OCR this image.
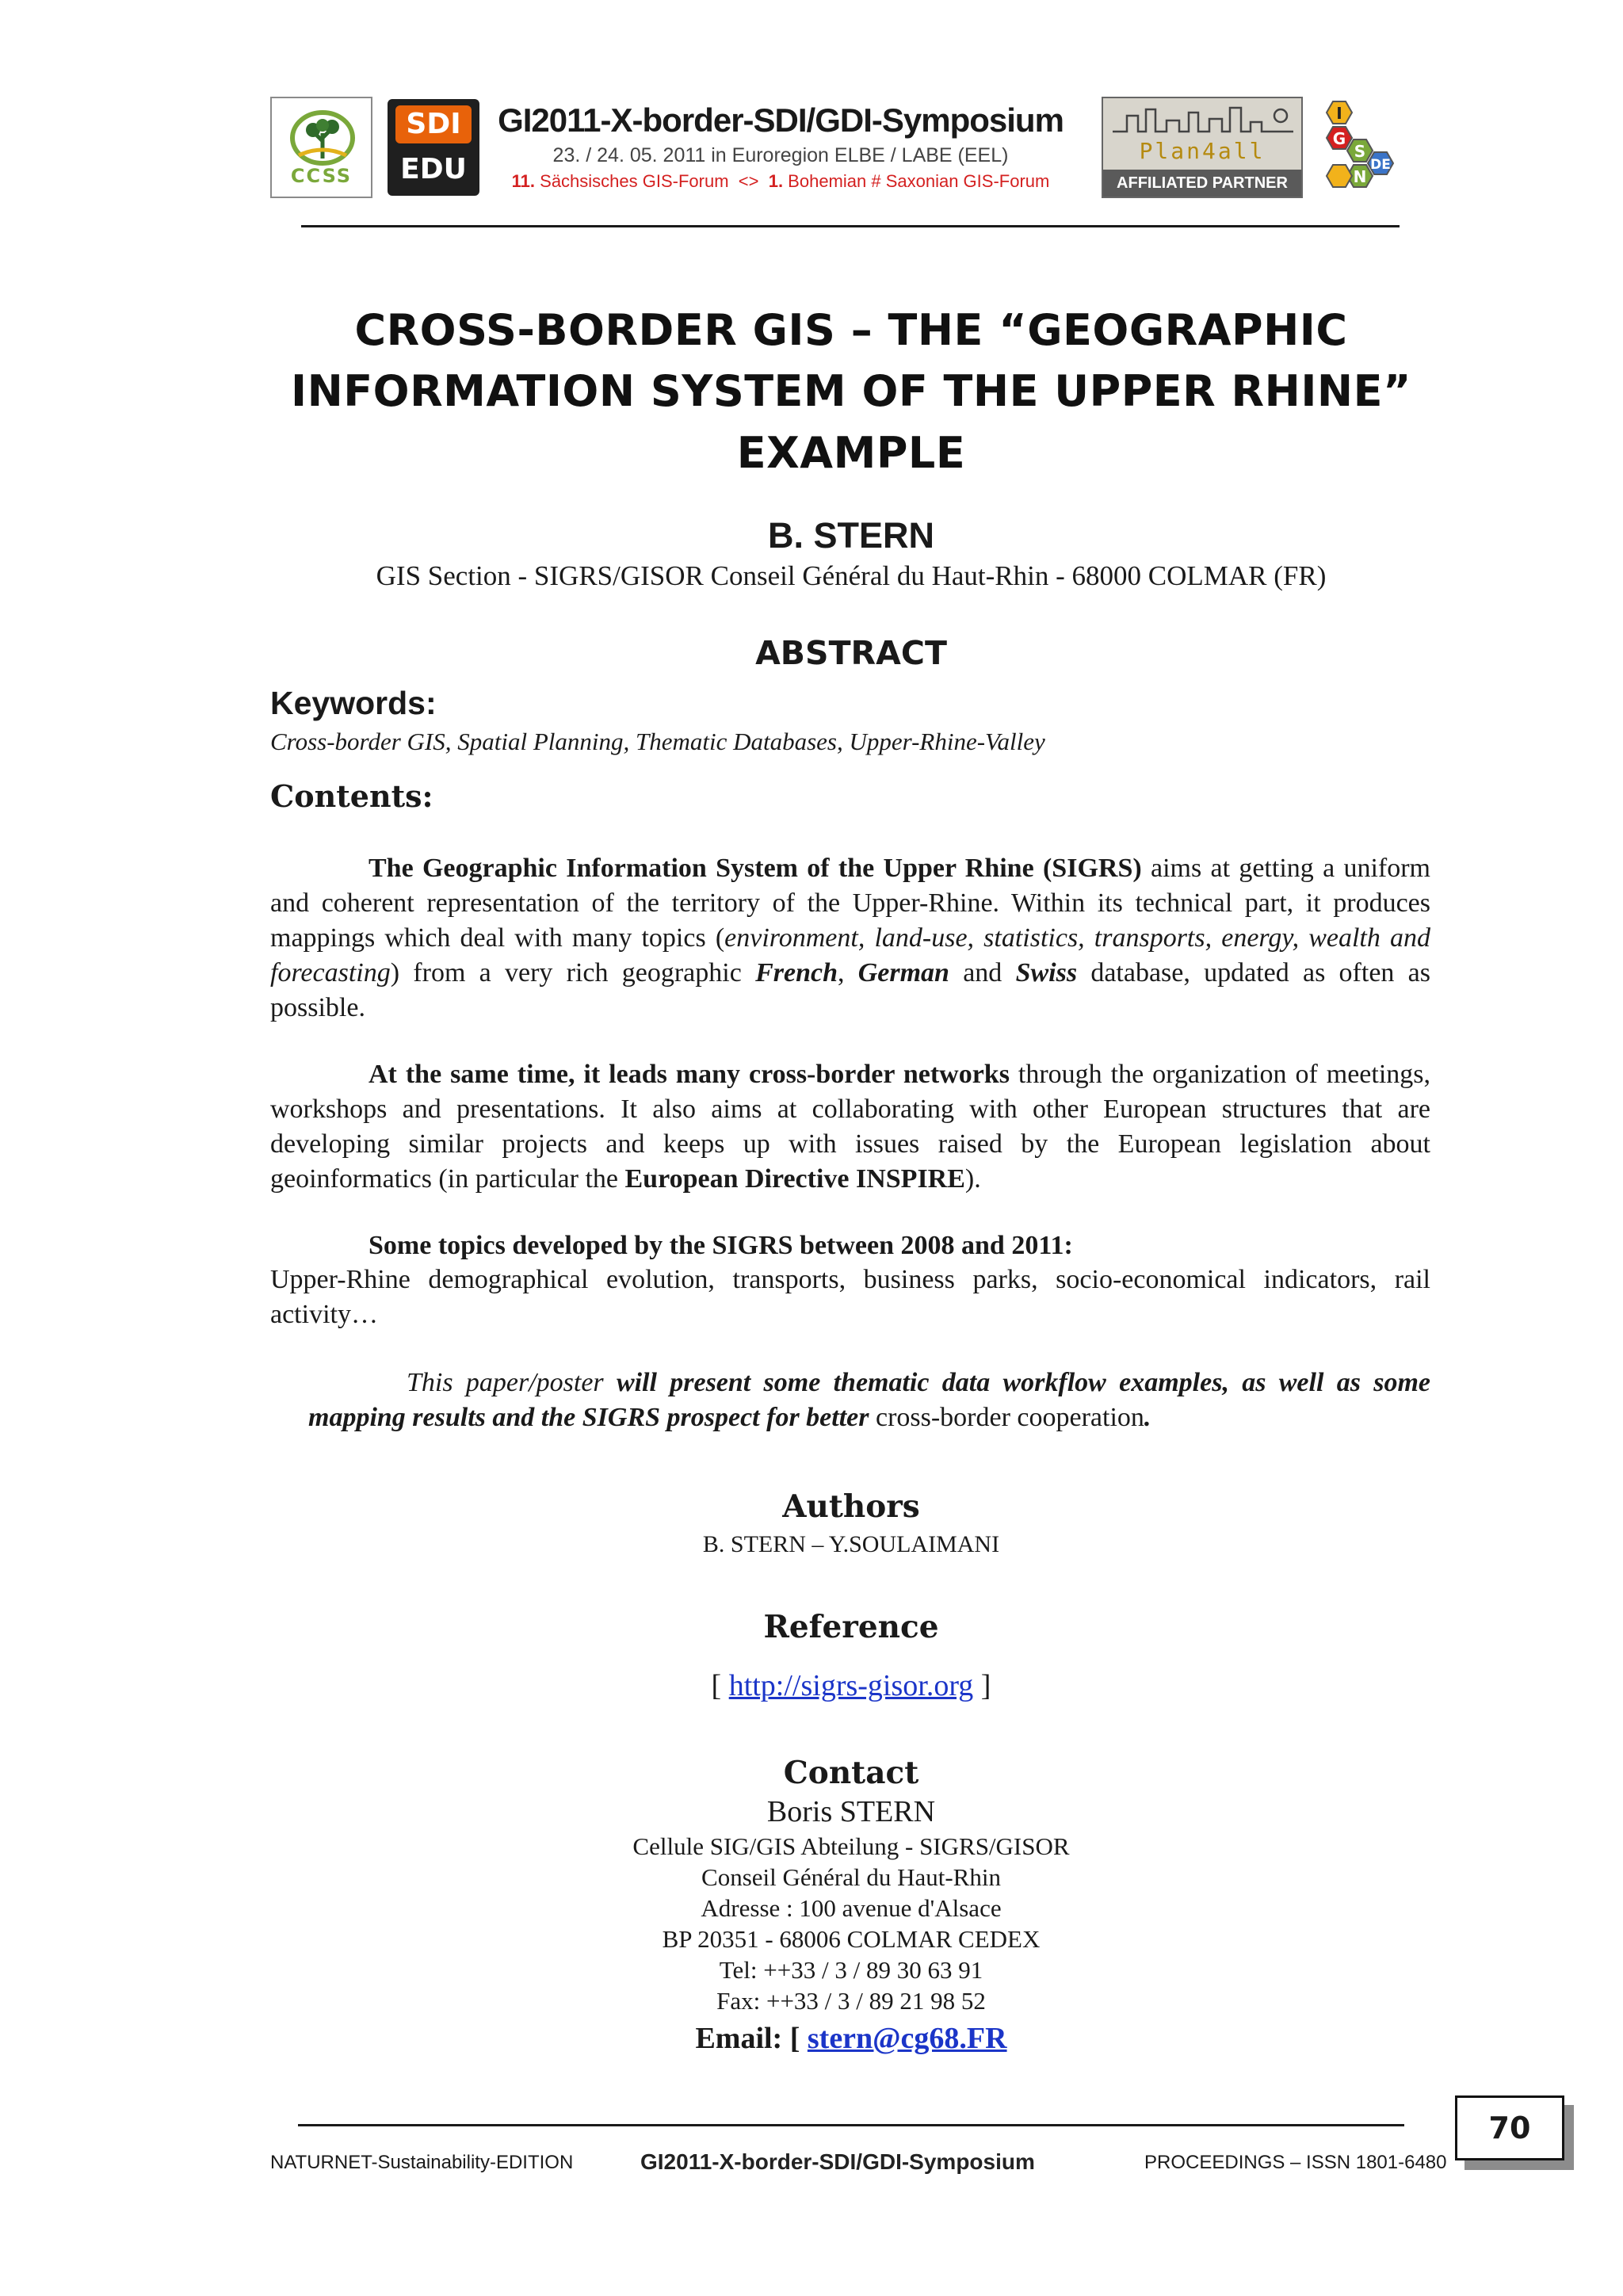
CCSS
SDI
EDU
GI2011-X-border-SDI/GDI-Symposium
23. / 24. 05. 2011 in Euroregion ELBE / LABE (EEL)
11. Sächsisches GIS-Forum  <>  1. Bohemian # Saxonian GIS-Forum
Plan4all
AFFILIATED PARTNER
I
G
S
N
DE
CROSS-BORDER GIS – THE “GEOGRAPHIC
INFORMATION SYSTEM OF THE UPPER RHINE”
EXAMPLE
B. STERN
GIS Section - SIGRS/GISOR Conseil Général du Haut-Rhin - 68000 COLMAR (FR)
ABSTRACT
Keywords:
Cross-border GIS, Spatial Planning, Thematic Databases, Upper-Rhine-Valley
Contents:
The Geographic Information System of the Upper Rhine (SIGRS) aims at getting a uniform and coherent representation of the territory of the Upper-Rhine. Within its technical part, it produces mappings which deal with many topics (environment, land-use, statistics, transports, energy, wealth and forecasting) from a very rich geographic French, German and Swiss database, updated as often as possible.
At the same time, it leads many cross-border networks through the organization of meetings, workshops and presentations. It also aims at collaborating with other European structures that are developing similar projects and keeps up with issues raised by the European legislation about geoinformatics (in particular the European Directive INSPIRE).
Some topics developed by the SIGRS between 2008 and 2011:
Upper-Rhine demographical evolution, transports, business parks, socio-economical indicators, rail activity…
This paper/poster will present some thematic data workflow examples, as well as some mapping results and the SIGRS prospect for better cross-border cooperation.
Authors
B. STERN – Y.SOULAIMANI
Reference
[ http://sigrs-gisor.org ]
Contact
Boris STERN
Cellule SIG/GIS Abteilung - SIGRS/GISOR
Conseil Général du Haut-Rhin
Adresse : 100 avenue d'Alsace
BP 20351 - 68006 COLMAR CEDEX
Tel: ++33 / 3 / 89 30 63 91
Fax: ++33 / 3 / 89 21 98 52
Email: [ stern@cg68.FR
NATURNET-Sustainability-EDITION	GI2011-X-border-SDI/GDI-Symposium	PROCEEDINGS – ISSN 1801-6480
70
